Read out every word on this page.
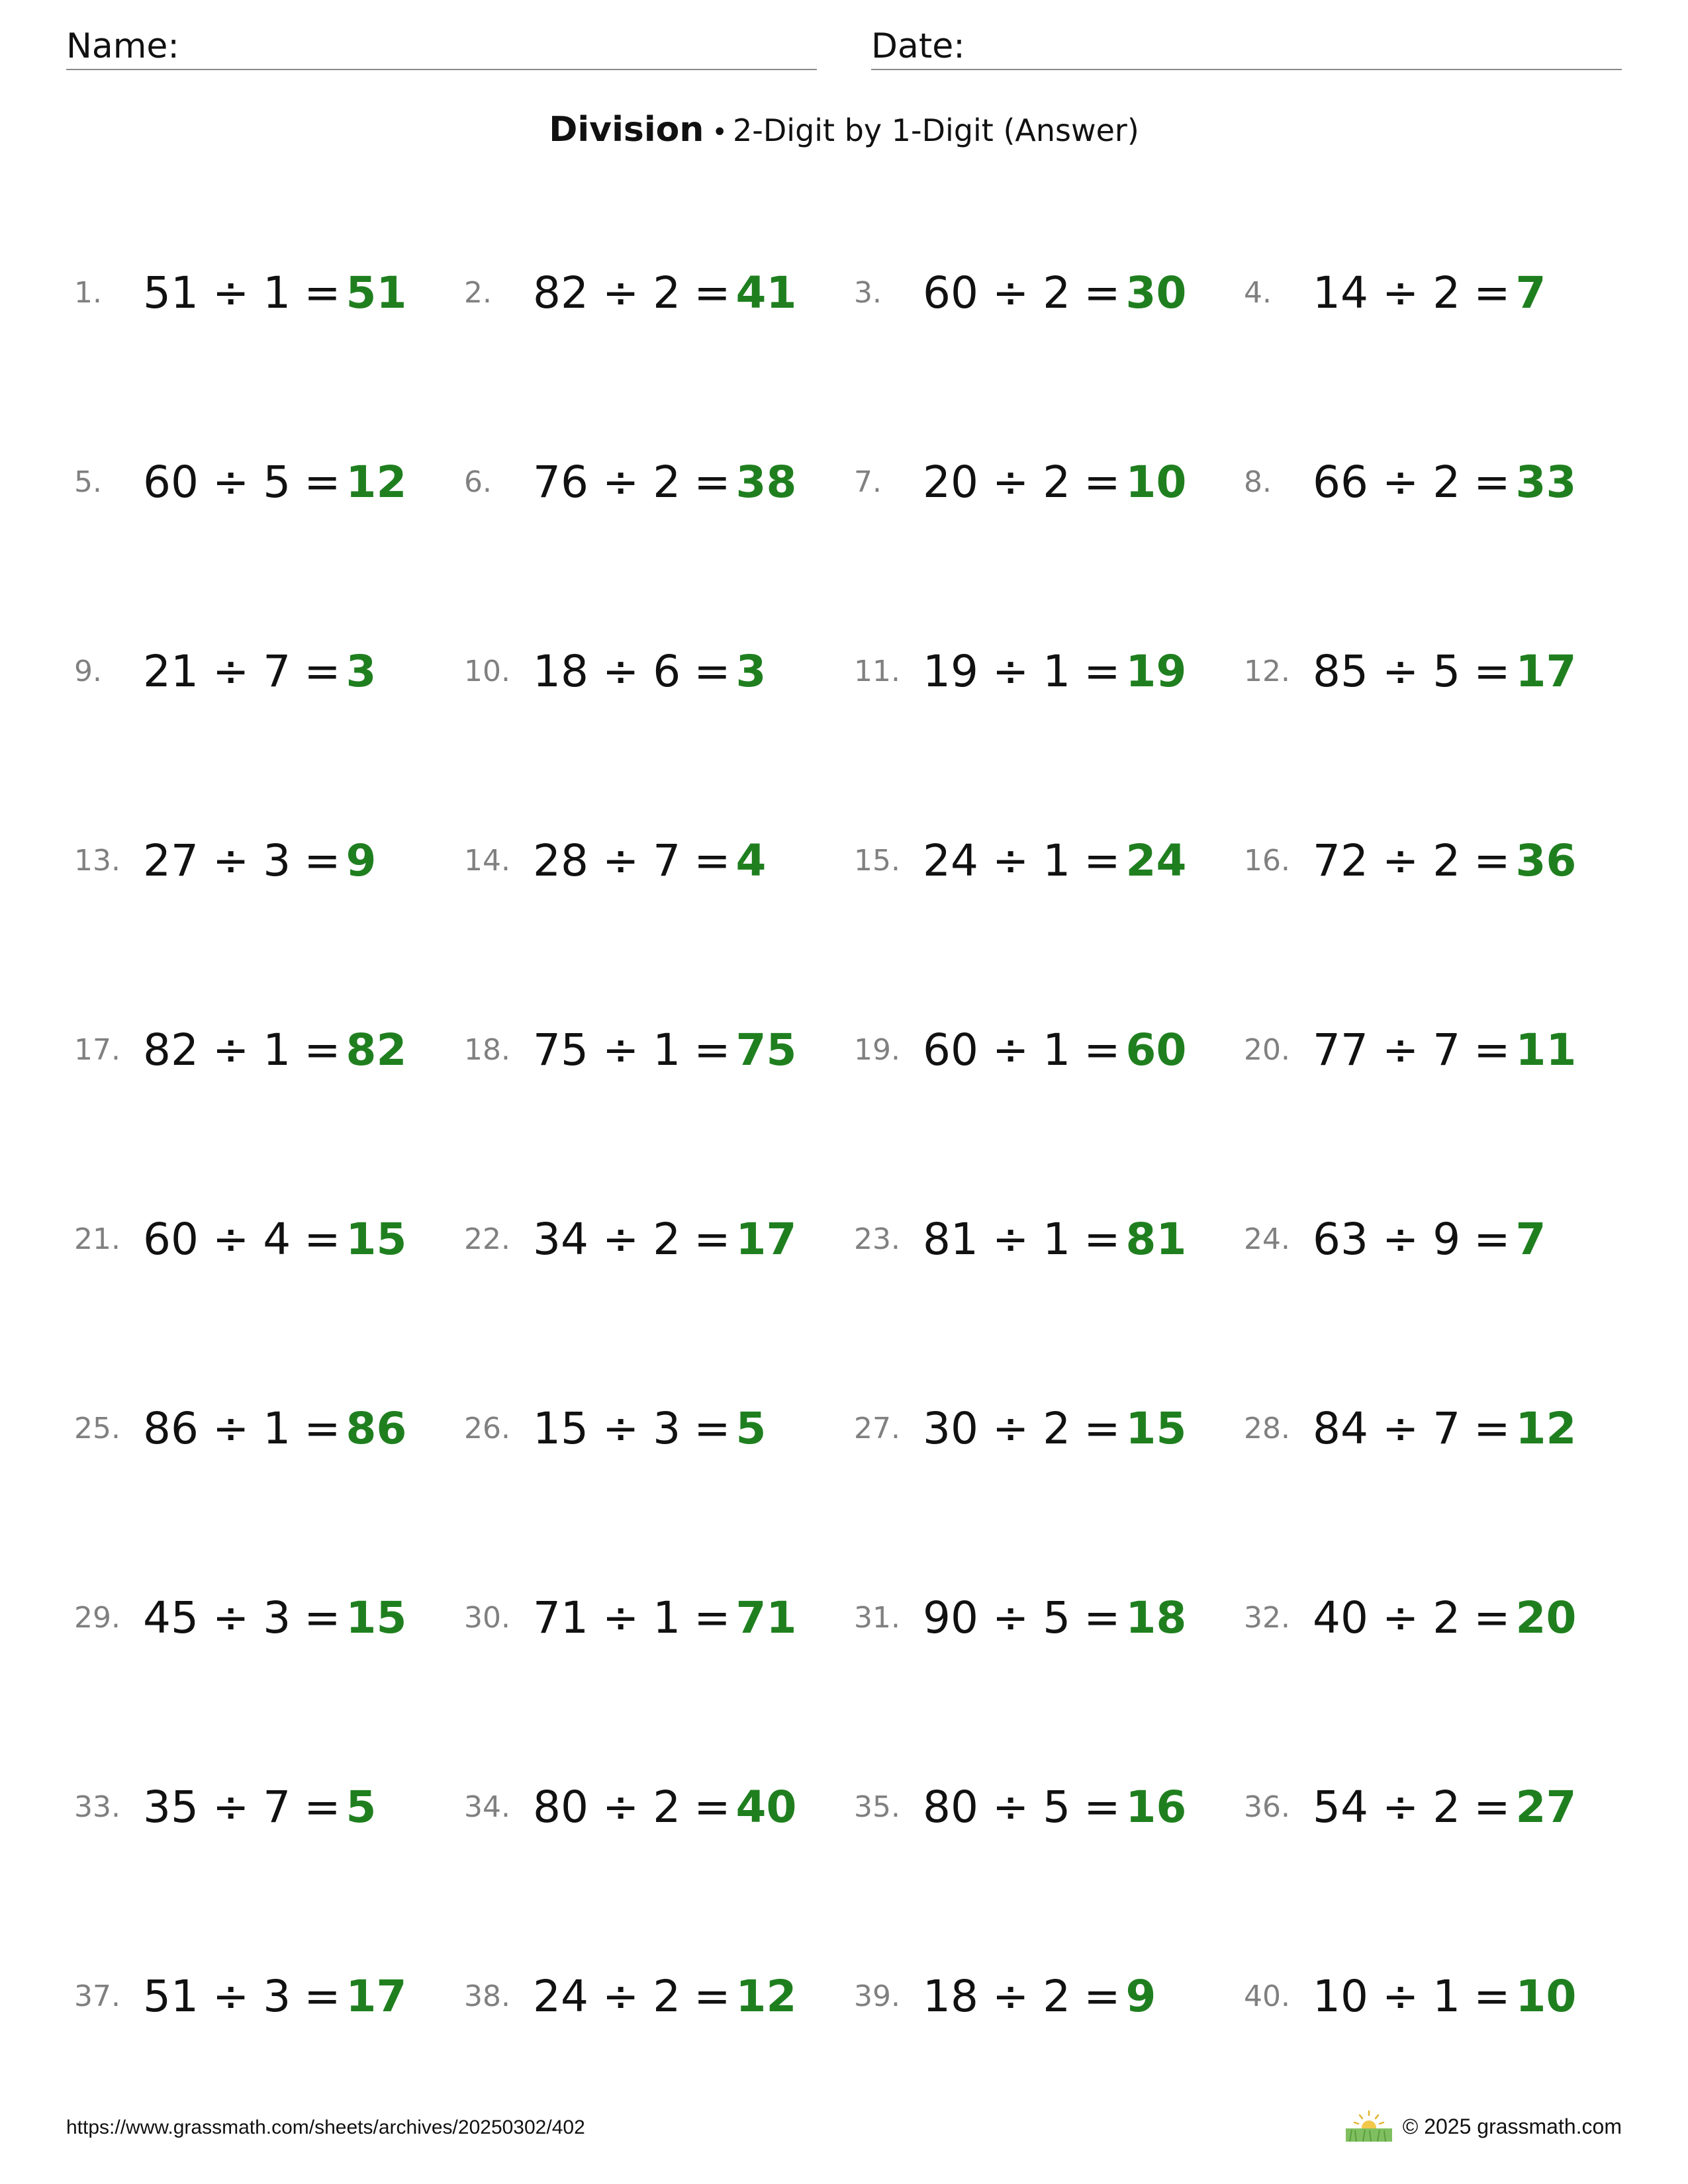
Name:	Date:
Division • 2-Digit by 1-Digit (Answer)
1. 51 ÷ 1 = 51 2. 82 ÷ 2 = 41 3. 60 ÷ 2 = 30 4. 14 ÷ 2 = 7
5. 60 ÷ 5 = 12 6. 76 ÷ 2 = 38 7. 20 ÷ 2 = 10 8. 66 ÷ 2 = 33
9. 21 ÷ 7 = 3	10. 18 ÷ 6 = 3	11. 19 ÷ 1 = 19 12. 85 ÷ 5 = 17
13. 27 ÷ 3 = 9	14. 28 ÷ 7 = 4	15. 24 ÷ 1 = 24 16. 72 ÷ 2 = 36
17. 82 ÷ 1 = 82 18. 75 ÷ 1 = 75 19. 60 ÷ 1 = 60 20. 77 ÷ 7 = 11
21. 60 ÷ 4 = 15 22. 34 ÷ 2 = 17 23. 81 ÷ 1 = 81 24. 63 ÷ 9 = 7
25. 86 ÷ 1 = 86 26. 15 ÷ 3 = 5	27. 30 ÷ 2 = 15 28. 84 ÷ 7 = 12
29. 45 ÷ 3 = 15 30. 71 ÷ 1 = 71 31. 90 ÷ 5 = 18 32. 40 ÷ 2 = 20
33. 35 ÷ 7 = 5	34. 80 ÷ 2 = 40 35. 80 ÷ 5 = 16 36. 54 ÷ 2 = 27
37. 51 ÷ 3 = 17 38. 24 ÷ 2 = 12 39. 18 ÷ 2 = 9	40. 10 ÷ 1 = 10
https://www.grassmath.com/sheets/archives/20250302/402	© 2025 grassmath.com
